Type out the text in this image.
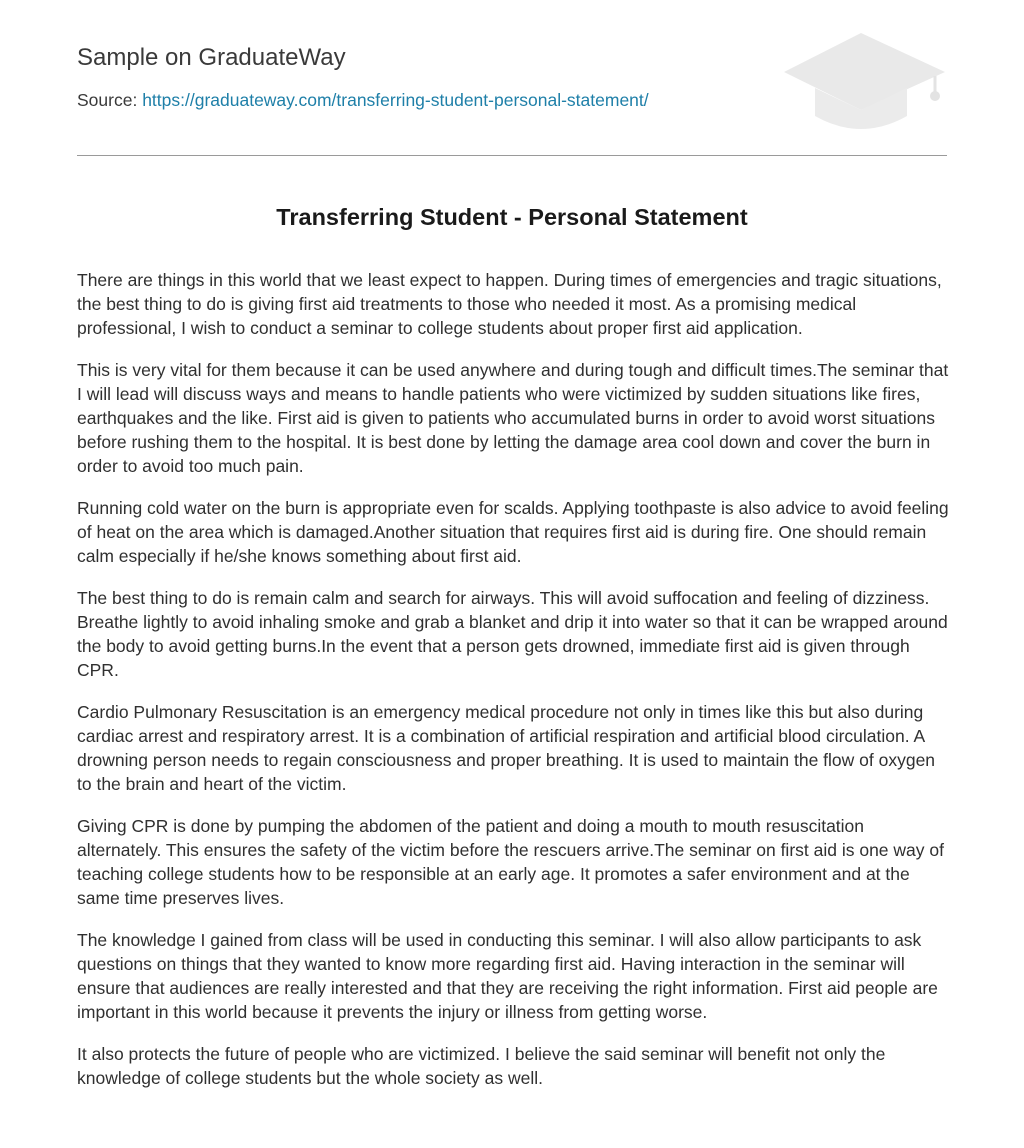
Sample on GraduateWay
Source: https://graduateway.com/transferring-student-personal-statement/
Transferring Student - Personal Statement

There are things in this world that we least expect to happen. During times of emergencies and tragic situations, the best thing to do is giving first aid treatments to those who needed it most. As a promising medical professional, I wish to conduct a seminar to college students about proper first aid application.

This is very vital for them because it can be used anywhere and during tough and difficult times.The seminar that I will lead will discuss ways and means to handle patients who were victimized by sudden situations like fires, earthquakes and the like. First aid is given to patients who accumulated burns in order to avoid worst situations before rushing them to the hospital. It is best done by letting the damage area cool down and cover the burn in order to avoid too much pain.

Running cold water on the burn is appropriate even for scalds. Applying toothpaste is also advice to avoid feeling of heat on the area which is damaged.Another situation that requires first aid is during fire. One should remain calm especially if he/she knows something about first aid.

The best thing to do is remain calm and search for airways. This will avoid suffocation and feeling of dizziness. Breathe lightly to avoid inhaling smoke and grab a blanket and drip it into water so that it can be wrapped around the body to avoid getting burns.In the event that a person gets drowned, immediate first aid is given through CPR.

Cardio Pulmonary Resuscitation is an emergency medical procedure not only in times like this but also during cardiac arrest and respiratory arrest. It is a combination of artificial respiration and artificial blood circulation. A drowning person needs to regain consciousness and proper breathing. It is used to maintain the flow of oxygen to the brain and heart of the victim.

Giving CPR is done by pumping the abdomen of the patient and doing a mouth to mouth resuscitation alternately. This ensures the safety of the victim before the rescuers arrive.The seminar on first aid is one way of teaching college students how to be responsible at an early age. It promotes a safer environment and at the same time preserves lives.

The knowledge I gained from class will be used in conducting this seminar. I will also allow participants to ask questions on things that they wanted to know more regarding first aid. Having interaction in the seminar will ensure that audiences are really interested and that they are receiving the right information. First aid people are important in this world because it prevents the injury or illness from getting worse.

It also protects the future of people who are victimized. I believe the said seminar will benefit not only the knowledge of college students but the whole society as well.
